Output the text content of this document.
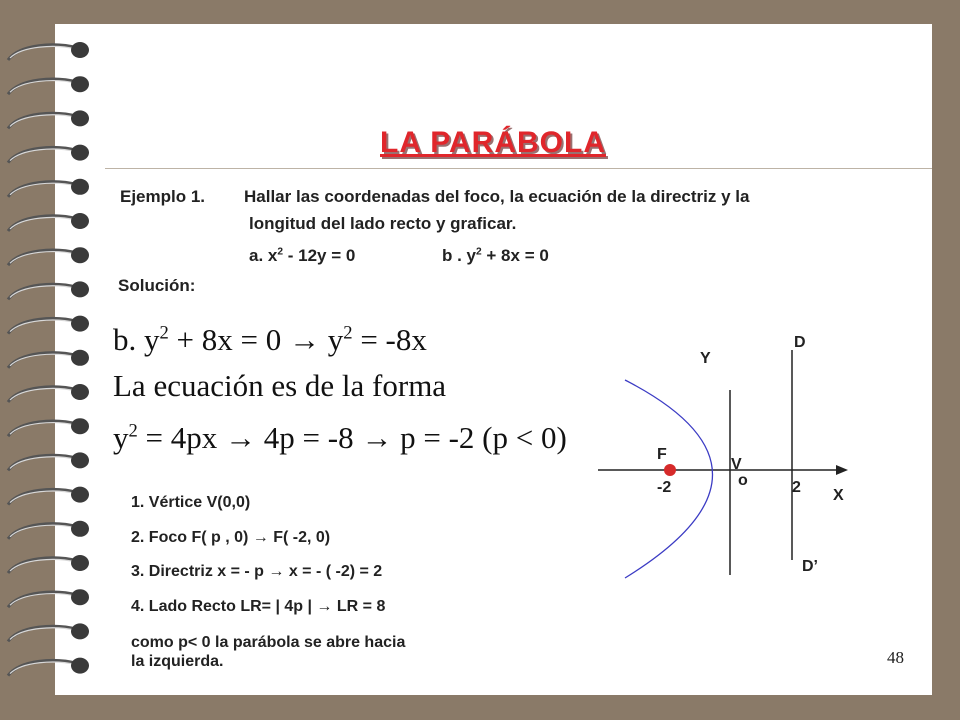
LA PARÁBOLA
Ejemplo 1. Hallar las coordenadas del foco, la ecuación de la directriz y la
longitud del lado recto y graficar.
a. $x^2 - 12y = 0$	b . $y^2 + 8x = 0$
Solución:
b. $y^2 + 8x = 0 \to y^2 = -8x$
La ecuación es de la forma
$y^2 = 4px \to 4p = -8 \to p = -2$ (p < 0)
1. Vértice V(0,0)
2. Foco F( p , 0) → F( -2, 0)
3. Directriz x = - p → x = - ( -2) = 2
4. Lado Recto LR= | 4p | → LR = 8
como p< 0 la parábola se abre hacia
la izquierda.
Y
D
F
V
o
-2	2 X
D’
48
